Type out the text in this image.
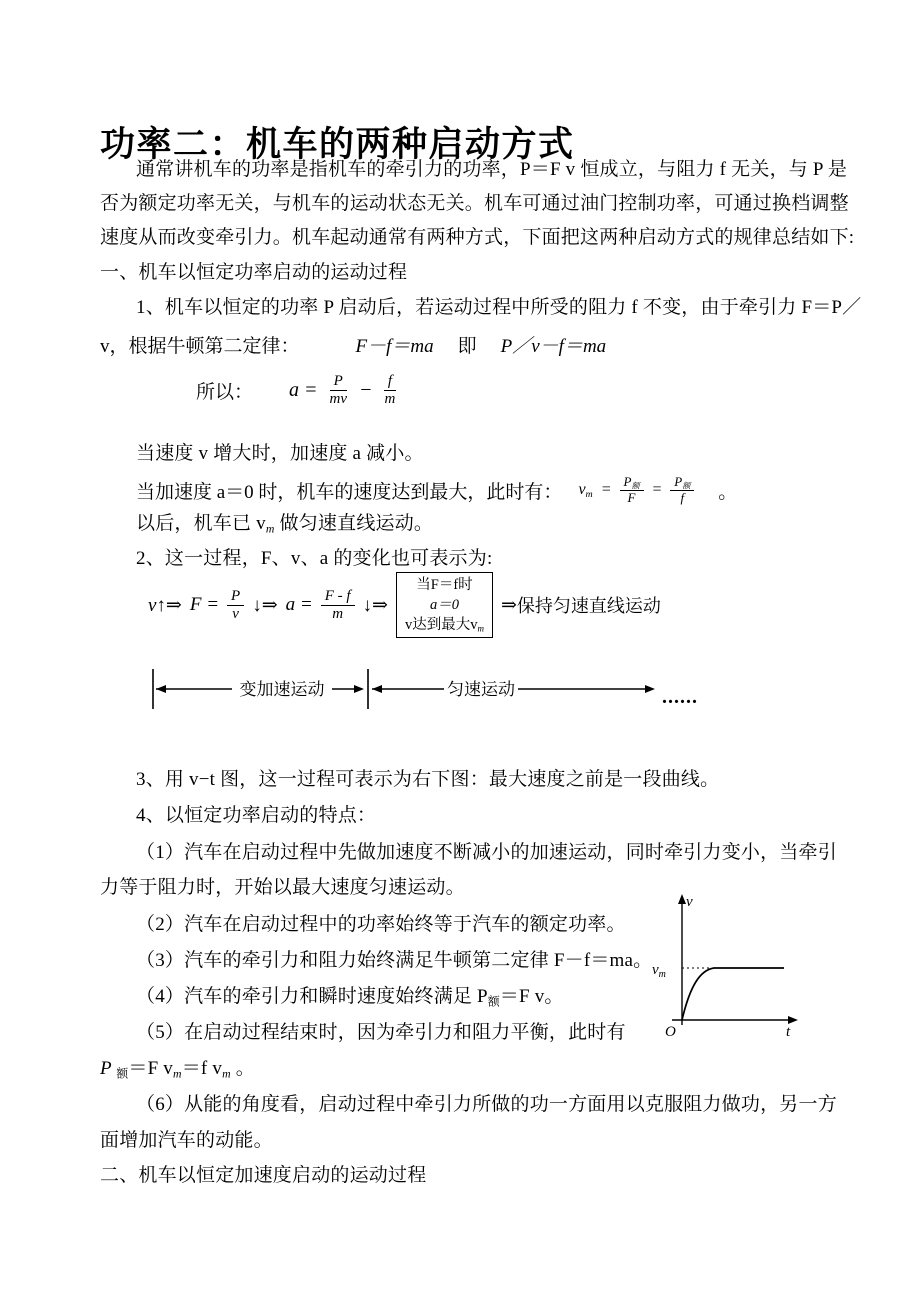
功率二：机车的两种启动方式
通常讲机车的功率是指机车的牵引力的功率，P＝F v 恒成立，与阻力 f 无关，与 P 是
否为额定功率无关，与机车的运动状态无关。机车可通过油门控制功率，可通过换档调整
速度从而改变牵引力。机车起动通常有两种方式，下面把这两种启动方式的规律总结如下:
一、机车以恒定功率启动的运动过程
1、机车以恒定的功率 P 启动后，若运动过程中所受的阻力 f 不变，由于牵引力 F＝P／
v，根据牛顿第二定律：	F－f＝ma 即 P／v－f＝ma
所以： $a = \frac{P}{mv} - \frac{f}{m}$
当速度 v 增大时，加速度 a 减小。
当加速度 a＝0 时，机车的速度达到最大，此时有： $v_m = \frac{P_额}{F} = \frac{P_额}{f}$ 。
以后，机车已 $v_m$ 做匀速直线运动。
2、这一过程，F、v、a 的变化也可表示为:
v↑⇒ $F = \frac{P}{v}$ ↓⇒ $a = \frac{F - f}{m}$ ↓⇒
当F＝f时
a＝0
v达到最大$v_m$
⇒ 保持匀速直线运动
变加速运动	匀速运动	......
3、用 v−t 图，这一过程可表示为右下图：最大速度之前是一段曲线。
4、以恒定功率启动的特点：
（1）汽车在启动过程中先做加速度不断减小的加速运动，同时牵引力变小，当牵引
力等于阻力时，开始以最大速度匀速运动。
（2）汽车在启动过程中的功率始终等于汽车的额定功率。
（3）汽车的牵引力和阻力始终满足牛顿第二定律 F－f＝ma。
（4）汽车的牵引力和瞬时速度始终满足 $P_额=F$ v。
（5）在启动过程结束时，因为牵引力和阻力平衡，此时有
P $_额$＝F $v_m=f$ $v_m$ 。
（6）从能的角度看，启动过程中牵引力所做的功一方面用以克服阻力做功，另一方
面增加汽车的动能。
二、机车以恒定加速度启动的运动过程
v
O
$v_m$
t
